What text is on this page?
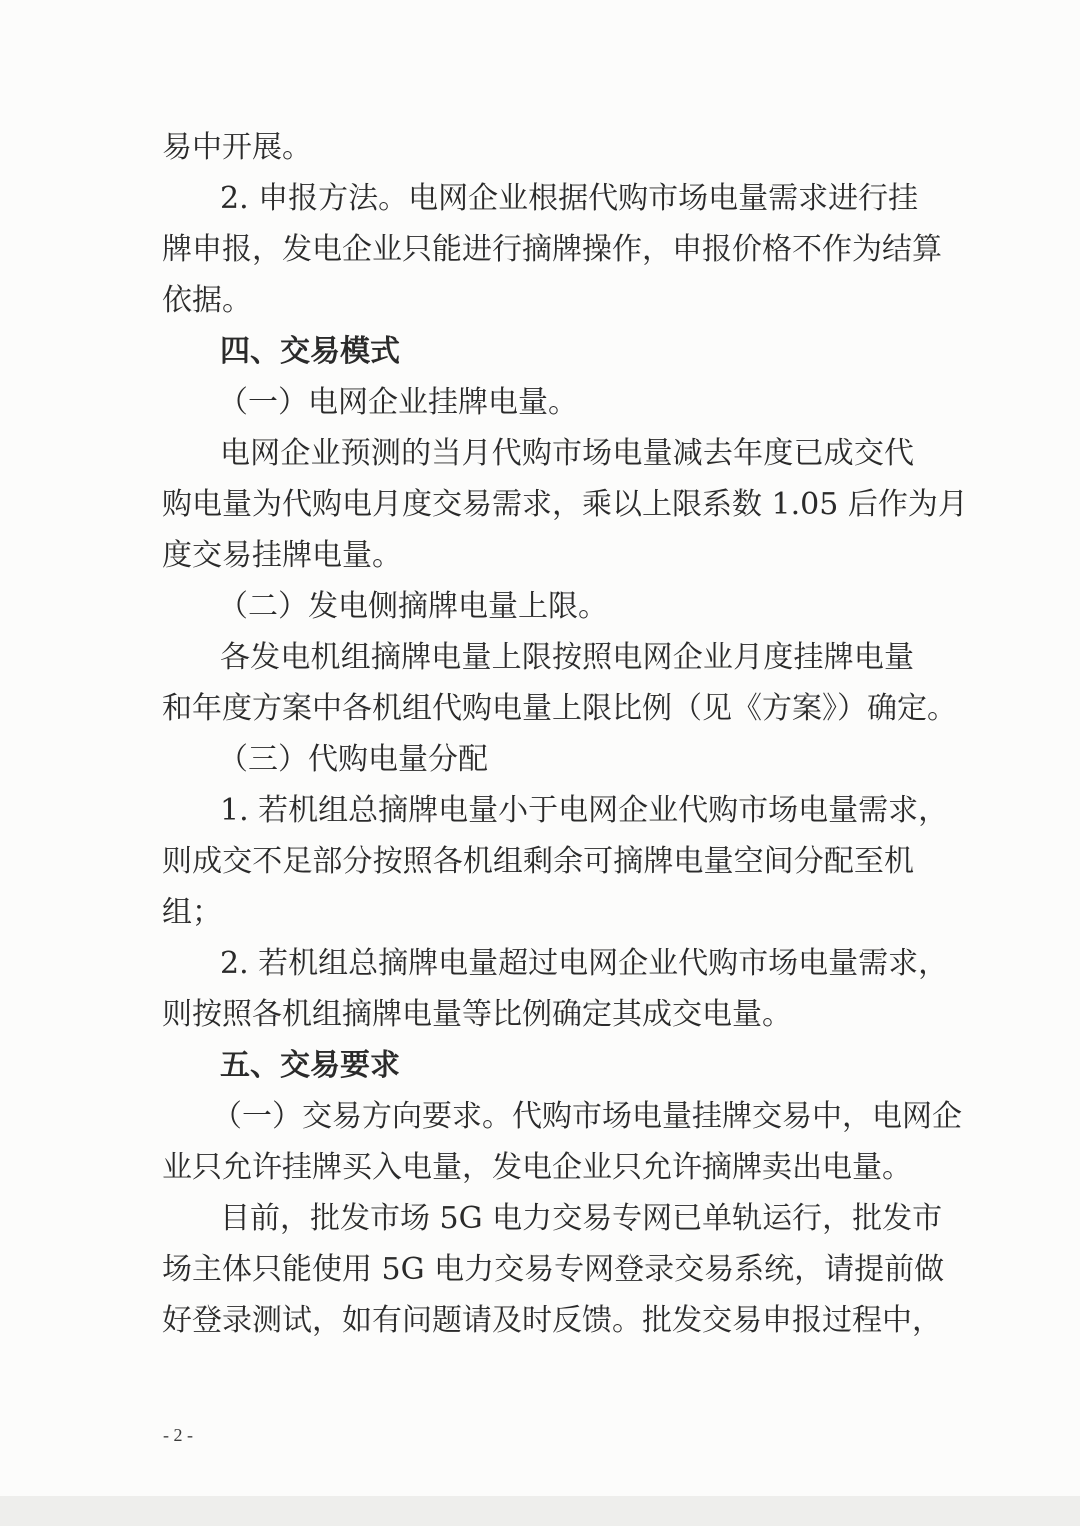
易中开展。
2. 申报方法。电网企业根据代购市场电量需求进行挂
牌申报，发电企业只能进行摘牌操作，申报价格不作为结算
依据。
四、交易模式
（一）电网企业挂牌电量。
电网企业预测的当月代购市场电量减去年度已成交代
购电量为代购电月度交易需求，乘以上限系数 1.05 后作为月
度交易挂牌电量。
（二）发电侧摘牌电量上限。
各发电机组摘牌电量上限按照电网企业月度挂牌电量
和年度方案中各机组代购电量上限比例（见《方案》）确定。
（三）代购电量分配
1. 若机组总摘牌电量小于电网企业代购市场电量需求，
则成交不足部分按照各机组剩余可摘牌电量空间分配至机
组；
2. 若机组总摘牌电量超过电网企业代购市场电量需求，
则按照各机组摘牌电量等比例确定其成交电量。
五、交易要求
（一）交易方向要求。代购市场电量挂牌交易中，电网企
业只允许挂牌买入电量，发电企业只允许摘牌卖出电量。
目前，批发市场 5G 电力交易专网已单轨运行，批发市
场主体只能使用 5G 电力交易专网登录交易系统，请提前做
好登录测试，如有问题请及时反馈。批发交易申报过程中，
- 2 -
